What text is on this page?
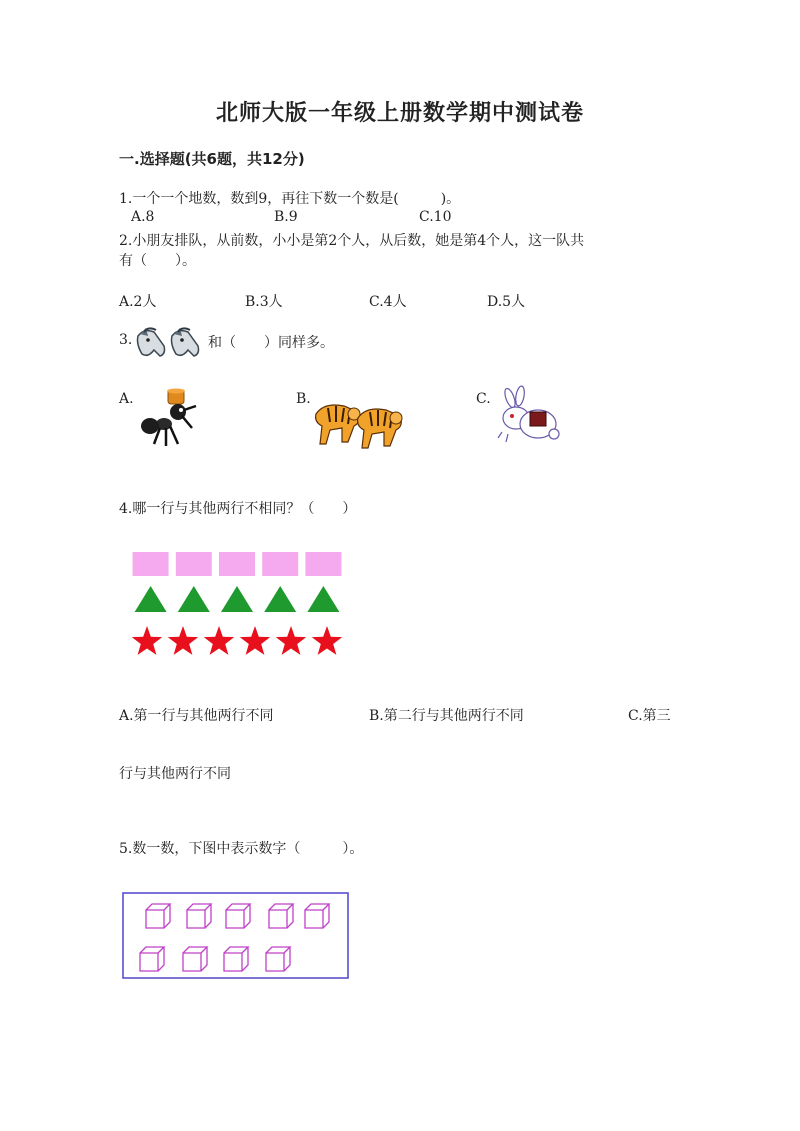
北师大版一年级上册数学期中测试卷
一.选择题(共6题，共12分)
1.一个一个地数，数到9，再往下数一个数是(　　　)。
A.8	B.9	C.10
2.小朋友排队，从前数，小小是第2个人，从后数，她是第4个人，这一队共
有（　　）。
A.2人	B.3人	C.4人	D.5人
3.	和（　　）同样多。
A.	B.	C.
4.哪一行与其他两行不相同？（　　）
A.第一行与其他两行不同	B.第二行与其他两行不同	C.第三
行与其他两行不同
5.数一数，下图中表示数字（　　　）。
